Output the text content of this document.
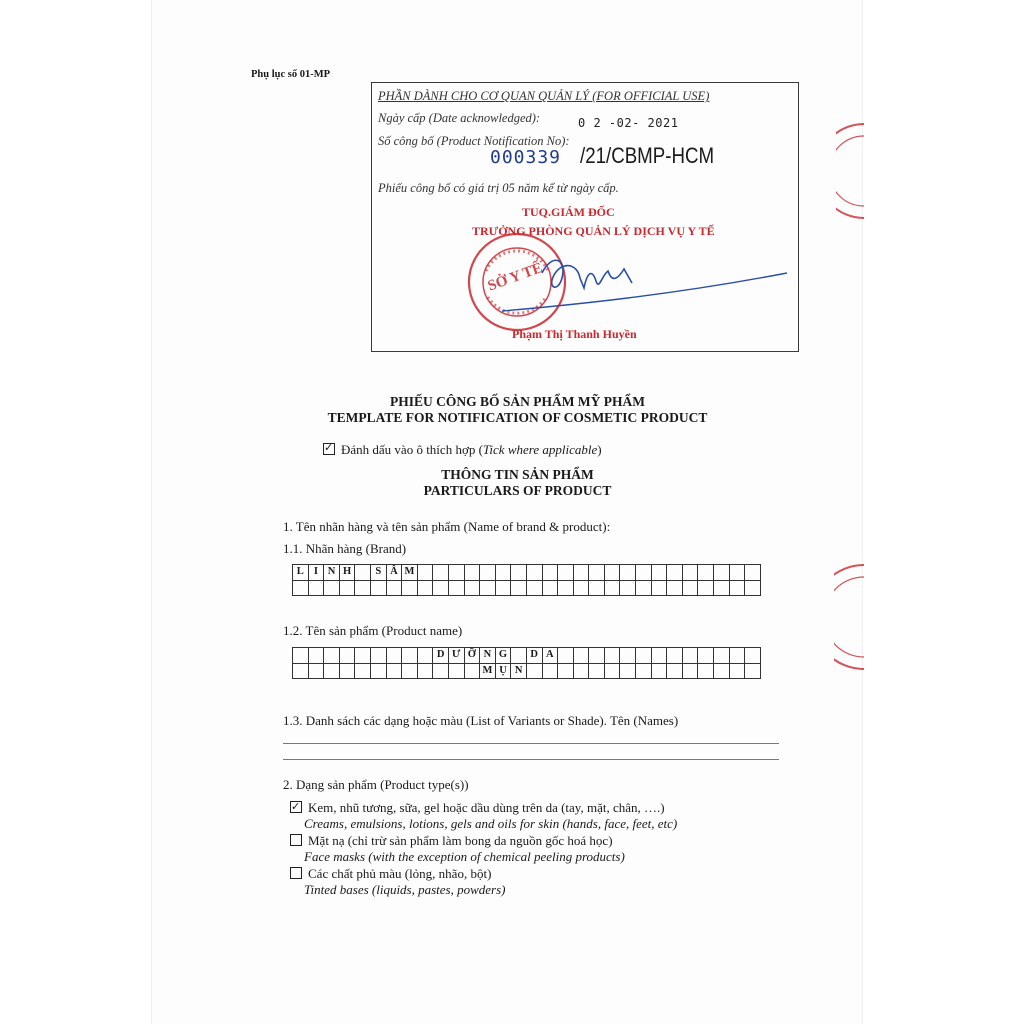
Phụ lục số 01-MP
PHẦN DÀNH CHO CƠ QUAN QUẢN LÝ (FOR OFFICIAL USE)
Ngày cấp (Date acknowledged):	0 2 -02- 2021
Số công bố (Product Notification No):
000339 /21/CBMP-HCM
Phiếu công bố có giá trị 05 năm kể từ ngày cấp.
TUQ.GIÁM ĐỐC
TRƯỞNG PHÒNG QUẢN LÝ DỊCH VỤ Y TẾ
SỞ Y TẾ
Phạm Thị Thanh Huyền
PHIẾU CÔNG BỐ SẢN PHẨM MỸ PHẨM
TEMPLATE FOR NOTIFICATION OF COSMETIC PRODUCT
✓Đánh dấu vào ô thích hợp (Tick where applicable)
THÔNG TIN SẢN PHẨM
PARTICULARS OF PRODUCT
1. Tên nhãn hàng và tên sản phẩm (Name of brand & product):
1.1. Nhãn hàng (Brand)
L	I	N	H		S	Â	M																						

1.2. Tên sản phẩm (Product name)
									D	Ư	Ỡ	N	G		D	A													
												M	Ụ	N															
1.3. Danh sách các dạng hoặc màu (List of Variants or Shade). Tên (Names)
2. Dạng sản phẩm (Product type(s))
✓Kem, nhũ tương, sữa, gel hoặc dầu dùng trên da (tay, mặt, chân, ….)
Creams, emulsions, lotions, gels and oils for skin (hands, face, feet, etc)
Mặt nạ (chỉ trừ sản phẩm làm bong da nguồn gốc hoá học)
Face masks (with the exception of chemical peeling products)
Các chất phủ màu (lỏng, nhão, bột)
Tinted bases (liquids, pastes, powders)
